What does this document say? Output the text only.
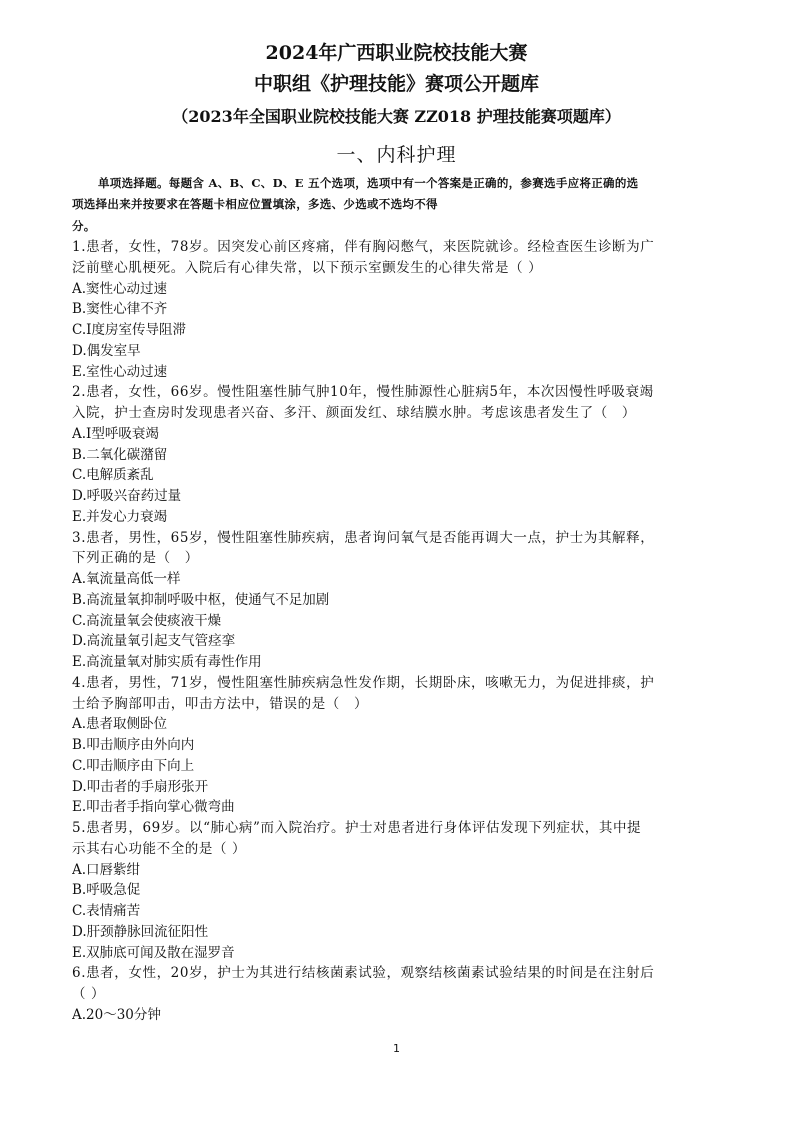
2024年广西职业院校技能大赛
中职组《护理技能》赛项公开题库
（2023年全国职业院校技能大赛 ZZ018 护理技能赛项题库）
一、内科护理
单项选择题。每题含 A、B、C、D、E 五个选项，选项中有一个答案是正确的，参赛选手应将正确的选
项选择出来并按要求在答题卡相应位置填涂，多选、少选或不选均不得
分。
1.患者，女性，78岁。因突发心前区疼痛，伴有胸闷憋气，来医院就诊。经检查医生诊断为广
泛前壁心肌梗死。入院后有心律失常，以下预示室颤发生的心律失常是（ ）
A.窦性心动过速
B.窦性心律不齐
C.Ⅰ度房室传导阻滞
D.偶发室早
E.室性心动过速
2.患者，女性，66岁。慢性阻塞性肺气肿10年，慢性肺源性心脏病5年，本次因慢性呼吸衰竭
入院，护士查房时发现患者兴奋、多汗、颜面发红、球结膜水肿。考虑该患者发生了（　）
A.I型呼吸衰竭
B.二氧化碳潴留
C.电解质紊乱
D.呼吸兴奋药过量
E.并发心力衰竭
3.患者，男性，65岁，慢性阻塞性肺疾病，患者询问氧气是否能再调大一点，护士为其解释，
下列正确的是（　）
A.氧流量高低一样
B.高流量氧抑制呼吸中枢，使通气不足加剧
C.高流量氧会使痰液干燥
D.高流量氧引起支气管痉挛
E.高流量氧对肺实质有毒性作用
4.患者，男性，71岁，慢性阻塞性肺疾病急性发作期，长期卧床，咳嗽无力，为促进排痰，护
士给予胸部叩击，叩击方法中，错误的是（　）
A.患者取侧卧位
B.叩击顺序由外向内
C.叩击顺序由下向上
D.叩击者的手扇形张开
E.叩击者手指向掌心微弯曲
5.患者男，69岁。以“肺心病”而入院治疗。护士对患者进行身体评估发现下列症状，其中提
示其右心功能不全的是（ ）
A.口唇紫绀
B.呼吸急促
C.表情痛苦
D.肝颈静脉回流征阳性
E.双肺底可闻及散在湿罗音
6.患者，女性，20岁，护士为其进行结核菌素试验，观察结核菌素试验结果的时间是在注射后
（ ）
A.20～30分钟
1
